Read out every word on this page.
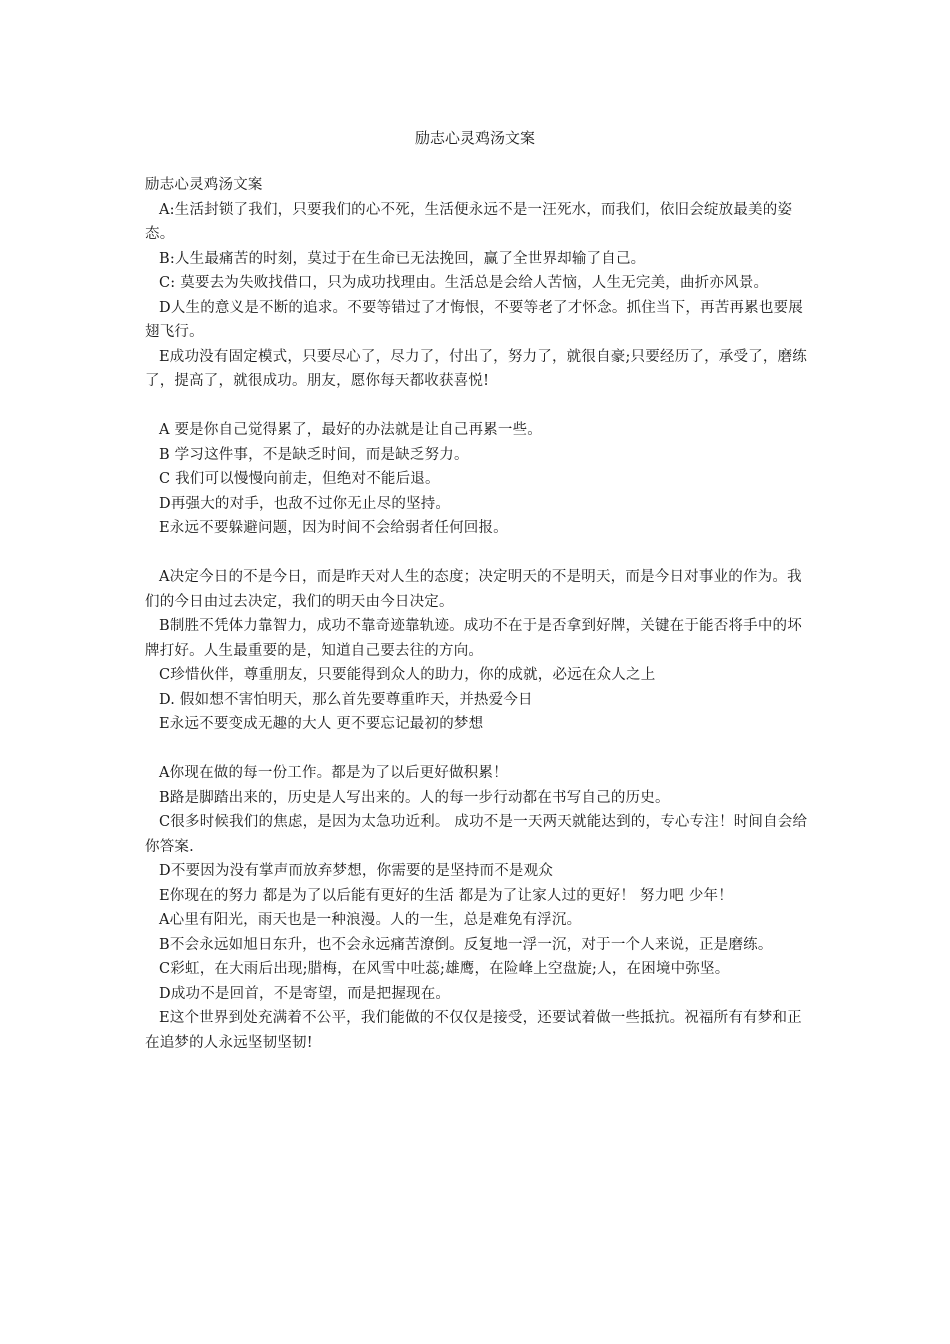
励志心灵鸡汤文案

励志心灵鸡汤文案

A:生活封锁了我们，只要我们的心不死，生活便永远不是一汪死水，而我们，依旧会绽放最美的姿态。

B:人生最痛苦的时刻，莫过于在生命已无法挽回，赢了全世界却输了自己。

C: 莫要去为失败找借口，只为成功找理由。生活总是会给人苦恼，人生无完美，曲折亦风景。

D人生的意义是不断的追求。不要等错过了才悔恨，不要等老了才怀念。抓住当下，再苦再累也要展翅飞行。

E成功没有固定模式，只要尽心了，尽力了，付出了，努力了，就很自豪;只要经历了，承受了，磨练了，提高了，就很成功。朋友，愿你每天都收获喜悦!

A 要是你自己觉得累了，最好的办法就是让自己再累一些。

B 学习这件事，不是缺乏时间，而是缺乏努力。

C 我们可以慢慢向前走，但绝对不能后退。

D再强大的对手，也敌不过你无止尽的坚持。

E永远不要躲避问题，因为时间不会给弱者任何回报。

A决定今日的不是今日，而是昨天对人生的态度；决定明天的不是明天，而是今日对事业的作为。我们的今日由过去决定，我们的明天由今日决定。

B制胜不凭体力靠智力，成功不靠奇迹靠轨迹。成功不在于是否拿到好牌，关键在于能否将手中的坏牌打好。人生最重要的是，知道自己要去往的方向。

C珍惜伙伴，尊重朋友，只要能得到众人的助力，你的成就，必远在众人之上

D. 假如想不害怕明天，那么首先要尊重昨天，并热爱今日

E永远不要变成无趣的大人 更不要忘记最初的梦想

A你现在做的每一份工作。都是为了以后更好做积累！

B路是脚踏出来的，历史是人写出来的。人的每一步行动都在书写自己的历史。

C很多时候我们的焦虑，是因为太急功近利。 成功不是一天两天就能达到的，专心专注！时间自会给你答案.

D不要因为没有掌声而放弃梦想，你需要的是坚持而不是观众

E你现在的努力 都是为了以后能有更好的生活 都是为了让家人过的更好！ 努力吧 少年！

A心里有阳光，雨天也是一种浪漫。人的一生，总是难免有浮沉。

B不会永远如旭日东升，也不会永远痛苦潦倒。反复地一浮一沉，对于一个人来说，正是磨练。

C彩虹，在大雨后出现;腊梅，在风雪中吐蕊;雄鹰，在险峰上空盘旋;人，在困境中弥坚。

D成功不是回首，不是寄望，而是把握现在。

E这个世界到处充满着不公平，我们能做的不仅仅是接受，还要试着做一些抵抗。祝福所有有梦和正在追梦的人永远坚韧坚韧!
